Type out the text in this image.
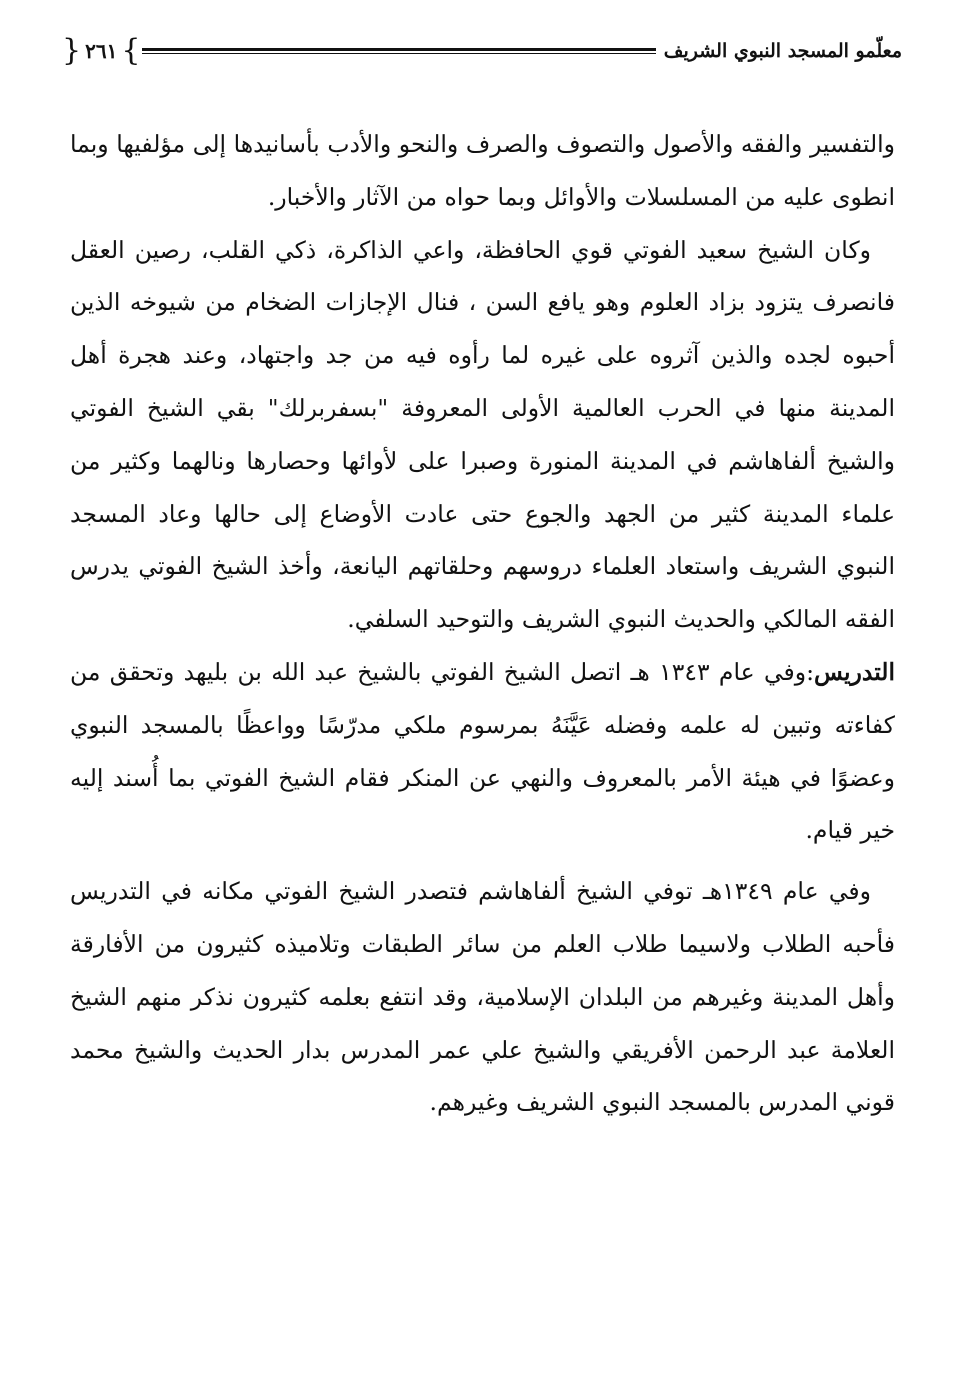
معلّمو المسجد النبوي الشريف
}
٢٦١
{

والتفسير والفقه والأصول والتصوف والصرف والنحو والأدب بأسانيدها إلى مؤلفيها وبما انطوى عليه من المسلسلات والأوائل وبما حواه من الآثار والأخبار.

وكان الشيخ سعيد الفوتي قوي الحافظة، واعي الذاكرة، ذكي القلب، رصين العقل فانصرف يتزود بزاد العلوم وهو يافع السن ، فنال الإجازات الضخام من شيوخه الذين أحبوه لجده والذين آثروه على غيره لما رأوه فيه من جد واجتهاد، وعند هجرة أهل المدينة منها في الحرب العالمية الأولى المعروفة "بسفربرلك" بقي الشيخ الفوتي والشيخ ألفاهاشم في المدينة المنورة وصبرا على لأوائها وحصارها ونالهما وكثير من علماء المدينة كثير من الجهد والجوع حتى عادت الأوضاع إلى حالها وعاد المسجد النبوي الشريف واستعاد العلماء دروسهم وحلقاتهم اليانعة، وأخذ الشيخ الفوتي يدرس الفقه المالكي والحديث النبوي الشريف والتوحيد السلفي.

التدريس:وفي عام ١٣٤٣ هـ اتصل الشيخ الفوتي بالشيخ عبد الله بن بليهد وتحقق من كفاءته وتبين له علمه وفضله عَيَّنَهُ بمرسوم ملكي مدرّسًا وواعظًا بالمسجد النبوي وعضوًا في هيئة الأمر بالمعروف والنهي عن المنكر فقام الشيخ الفوتي بما أُسند إليه خير قيام.

وفي عام ١٣٤٩هـ توفي الشيخ ألفاهاشم فتصدر الشيخ الفوتي مكانه في التدريس فأحبه الطلاب ولاسيما طلاب العلم من سائر الطبقات وتلاميذه كثيرون من الأفارقة وأهل المدينة وغيرهم من البلدان الإسلامية، وقد انتفع بعلمه كثيرون نذكر منهم الشيخ العلامة عبد الرحمن الأفريقي والشيخ علي عمر المدرس بدار الحديث والشيخ محمد قوني المدرس بالمسجد النبوي الشريف وغيرهم.
